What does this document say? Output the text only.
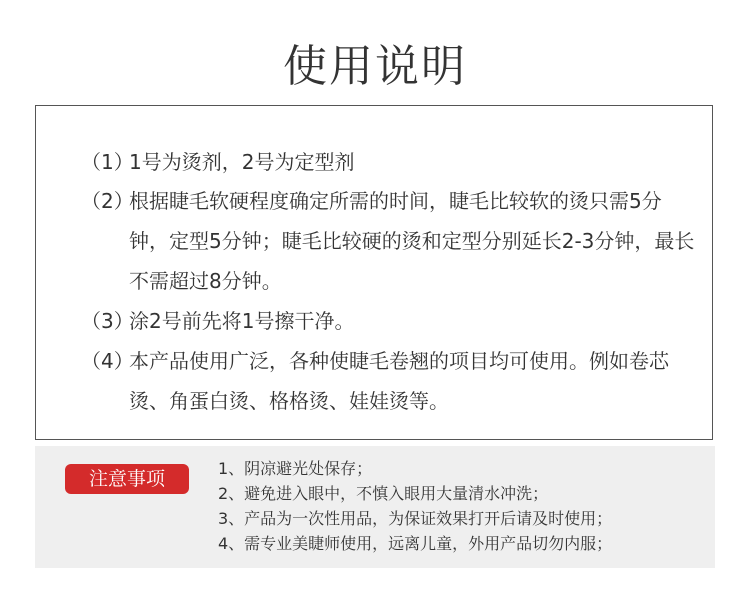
使用说明
（1）
1号为烫剂，2号为定型剂
（2）
根据睫毛软硬程度确定所需的时间，睫毛比较软的烫只需5分钟，定型5分钟；睫毛比较硬的烫和定型分别延长2-3分钟，最长不需超过8分钟。
（3）
涂2号前先将1号擦干净。
（4）
本产品使用广泛，各种使睫毛卷翘的项目均可使用。例如卷芯烫、角蛋白烫、格格烫、娃娃烫等。
注意事项	1、阴凉避光处保存；
2、避免进入眼中，不慎入眼用大量清水冲洗；
3、产品为一次性用品，为保证效果打开后请及时使用；
4、需专业美睫师使用，远离儿童，外用产品切勿内服；
